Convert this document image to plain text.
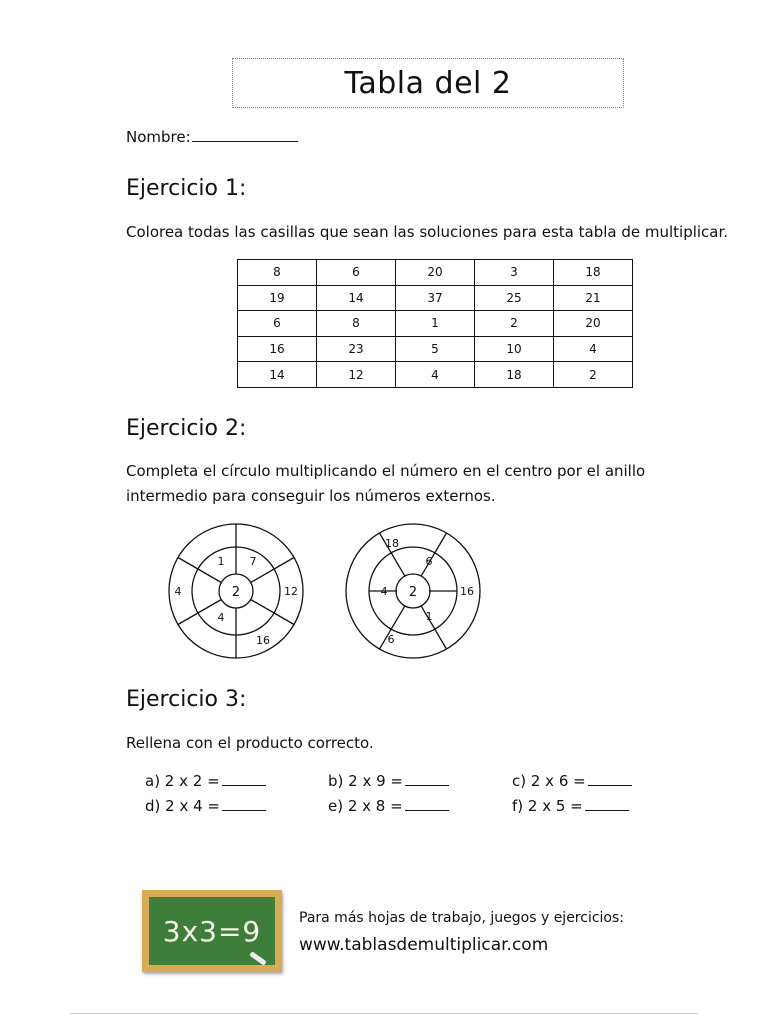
Tabla del 2
Nombre:
Ejercicio 1:
Colorea todas las casillas que sean las soluciones para esta tabla de multiplicar.
8	6	20	3	18
19	14	37	25	21
6	8	1	2	20
16	23	5	10	4
14	12	4	18	2
Ejercicio 2:
Completa el círculo multiplicando el número en el centro por el anillo
intermedio para conseguir los números externos.
2
1 7
4
4	12
16
2
6
4
1
18
16
6
Ejercicio 3:
Rellena con el producto correcto.
a) 2 x 2 =	b) 2 x 9 =	c) 2 x 6 =
d) 2 x 4 =	e) 2 x 8 =	f) 2 x 5 =
3x3=9	Para más hojas de trabajo, juegos y ejercicios:
www.tablasdemultiplicar.com
